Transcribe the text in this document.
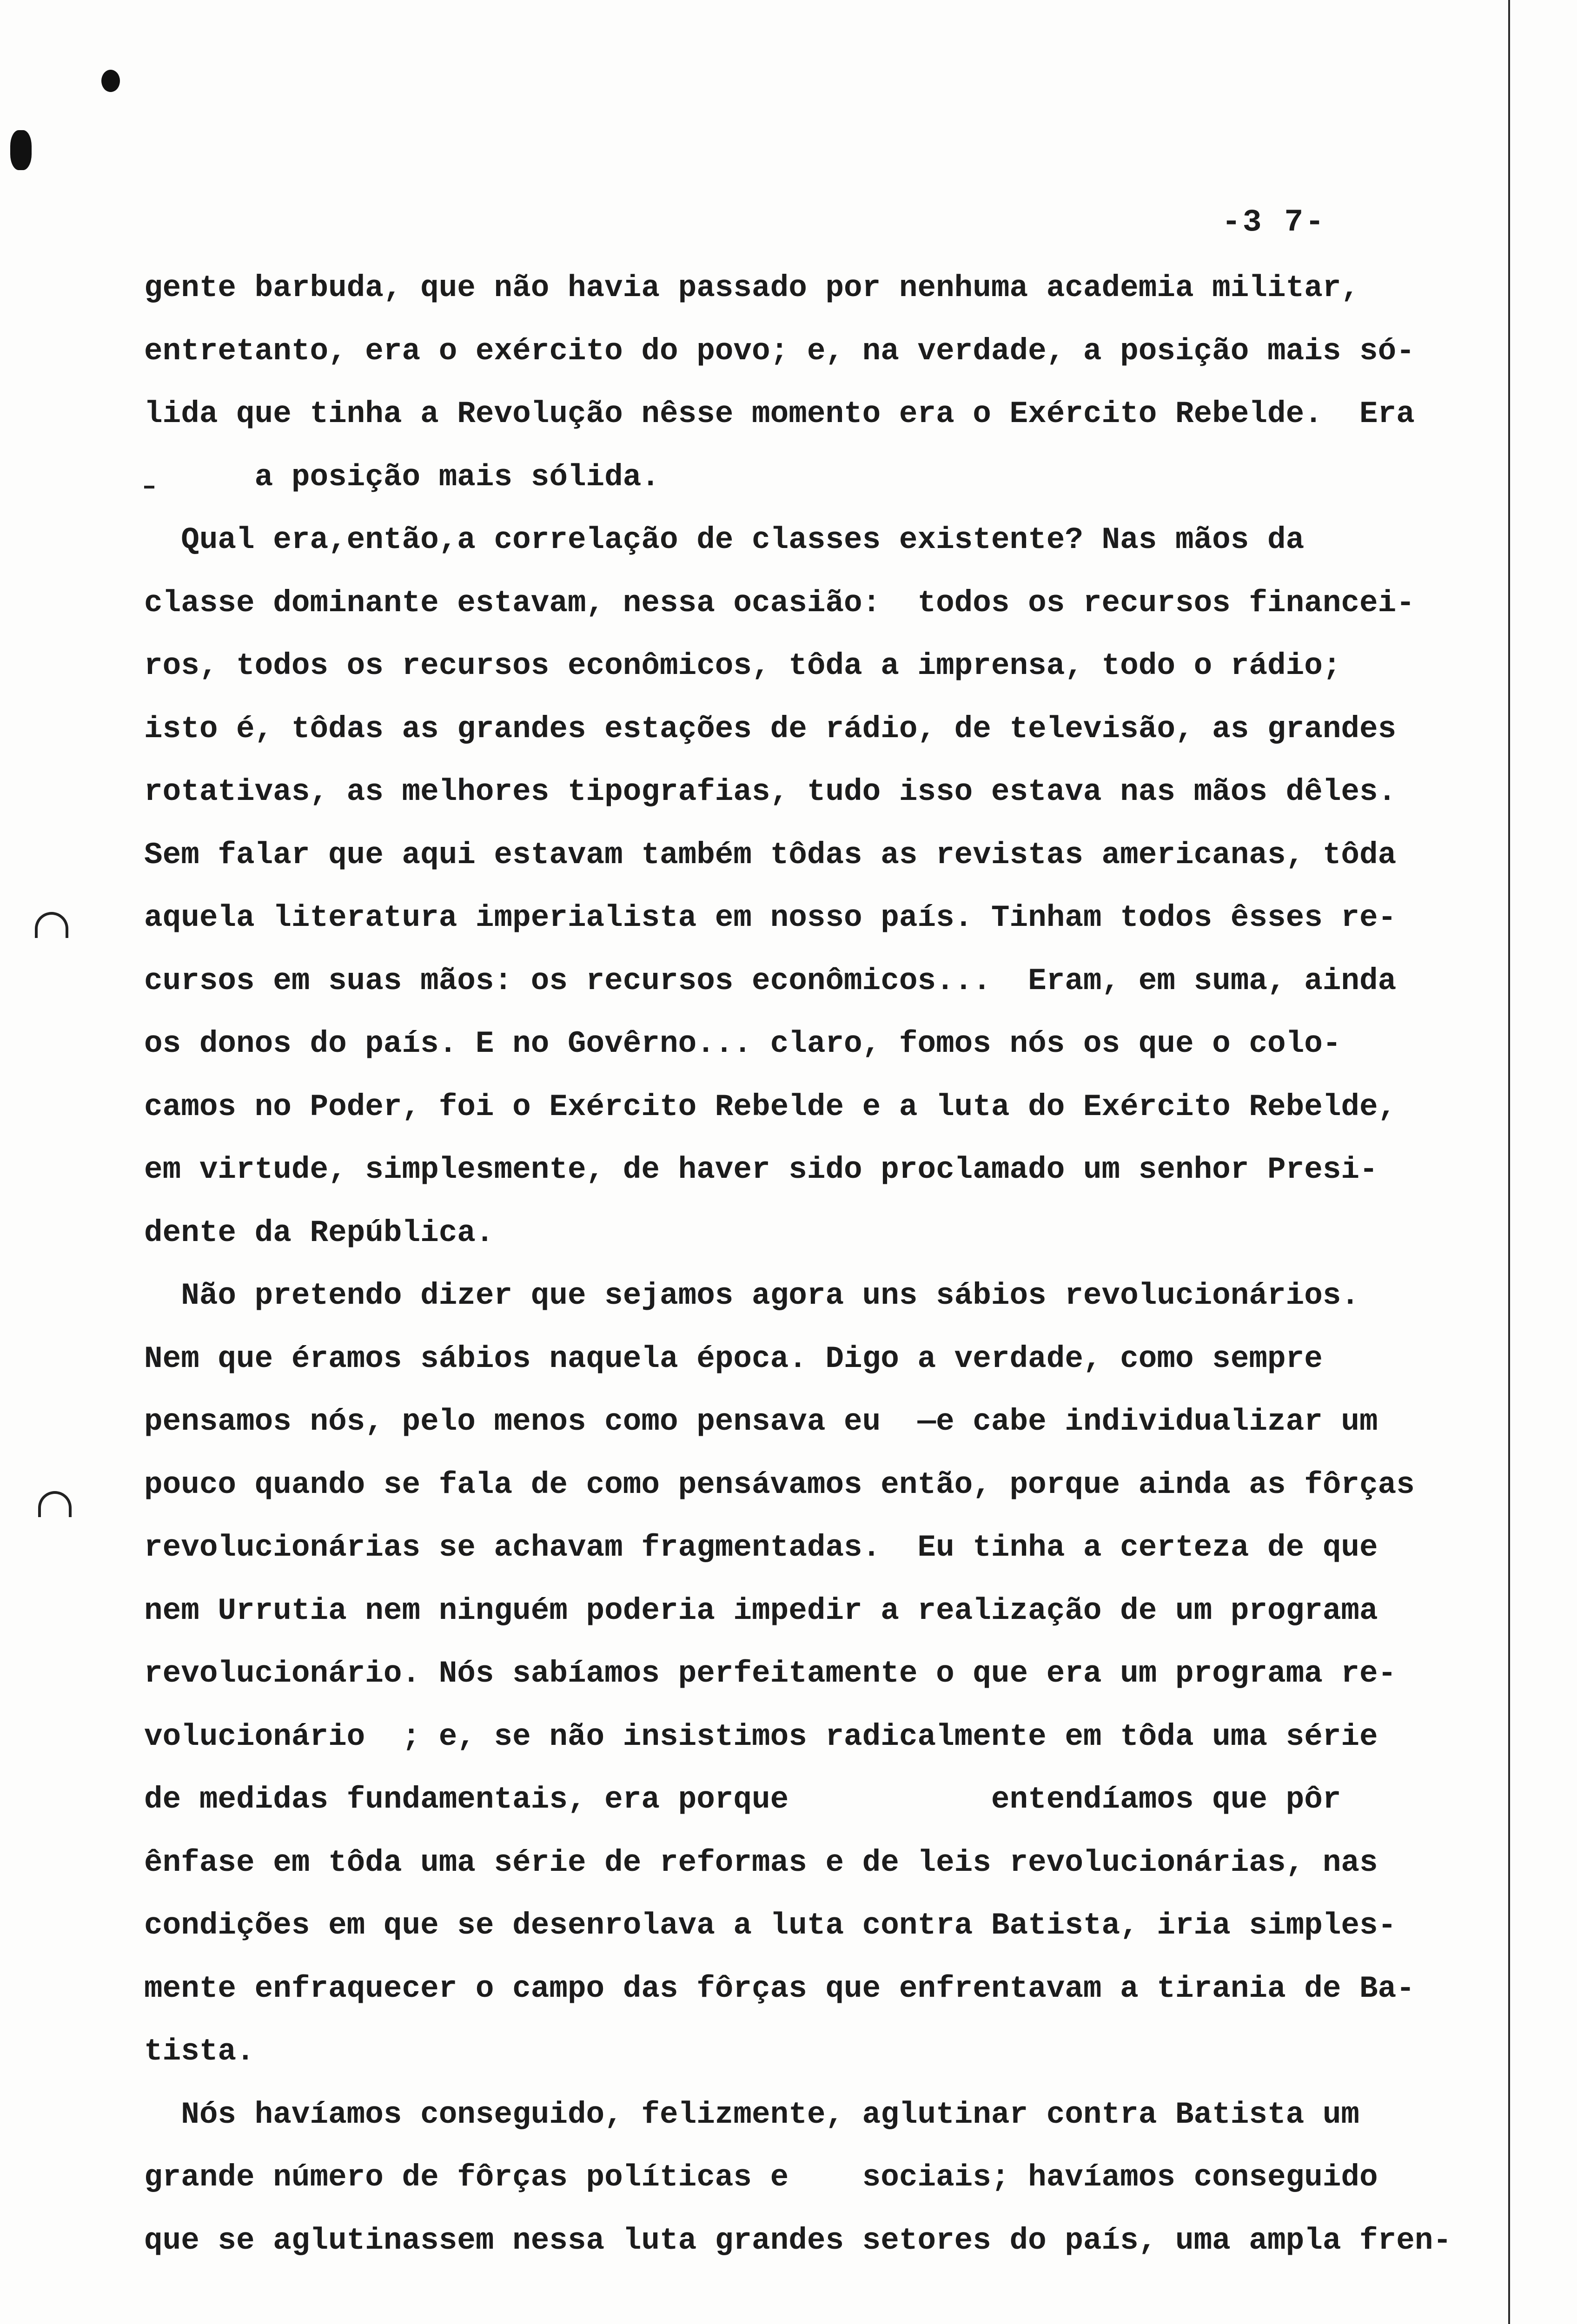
-3 7-
gente barbuda, que não havia passado por nenhuma academia militar,
entretanto, era o exército do povo; e, na verdade, a posição mais só-
lida que tinha a Revolução nêsse momento era o Exército Rebelde.  Era
a posição mais sólida.
Qual era,então,a correlação de classes existente? Nas mãos da
classe dominante estavam, nessa ocasião:  todos os recursos financei-
ros, todos os recursos econômicos, tôda a imprensa, todo o rádio;
isto é, tôdas as grandes estações de rádio, de televisão, as grandes
rotativas, as melhores tipografias, tudo isso estava nas mãos dêles.
Sem falar que aqui estavam também tôdas as revistas americanas, tôda
aquela literatura imperialista em nosso país. Tinham todos êsses re-
cursos em suas mãos: os recursos econômicos...  Eram, em suma, ainda
os donos do país. E no Govêrno... claro, fomos nós os que o colo-
camos no Poder, foi o Exército Rebelde e a luta do Exército Rebelde,
em virtude, simplesmente, de haver sido proclamado um senhor Presi-
dente da República.
Não pretendo dizer que sejamos agora uns sábios revolucionários.
Nem que éramos sábios naquela época. Digo a verdade, como sempre
pensamos nós, pelo menos como pensava eu  —e cabe individualizar um
pouco quando se fala de como pensávamos então, porque ainda as fôrças
revolucionárias se achavam fragmentadas.  Eu tinha a certeza de que
nem Urrutia nem ninguém poderia impedir a realização de um programa
revolucionário. Nós sabíamos perfeitamente o que era um programa re-
volucionário  ; e, se não insistimos radicalmente em tôda uma série
de medidas fundamentais, era porque           entendíamos que pôr
ênfase em tôda uma série de reformas e de leis revolucionárias, nas
condições em que se desenrolava a luta contra Batista, iria simples-
mente enfraquecer o campo das fôrças que enfrentavam a tirania de Ba-
tista.
Nós havíamos conseguido, felizmente, aglutinar contra Batista um
grande número de fôrças políticas e    sociais; havíamos conseguido
que se aglutinassem nessa luta grandes setores do país, uma ampla fren-
